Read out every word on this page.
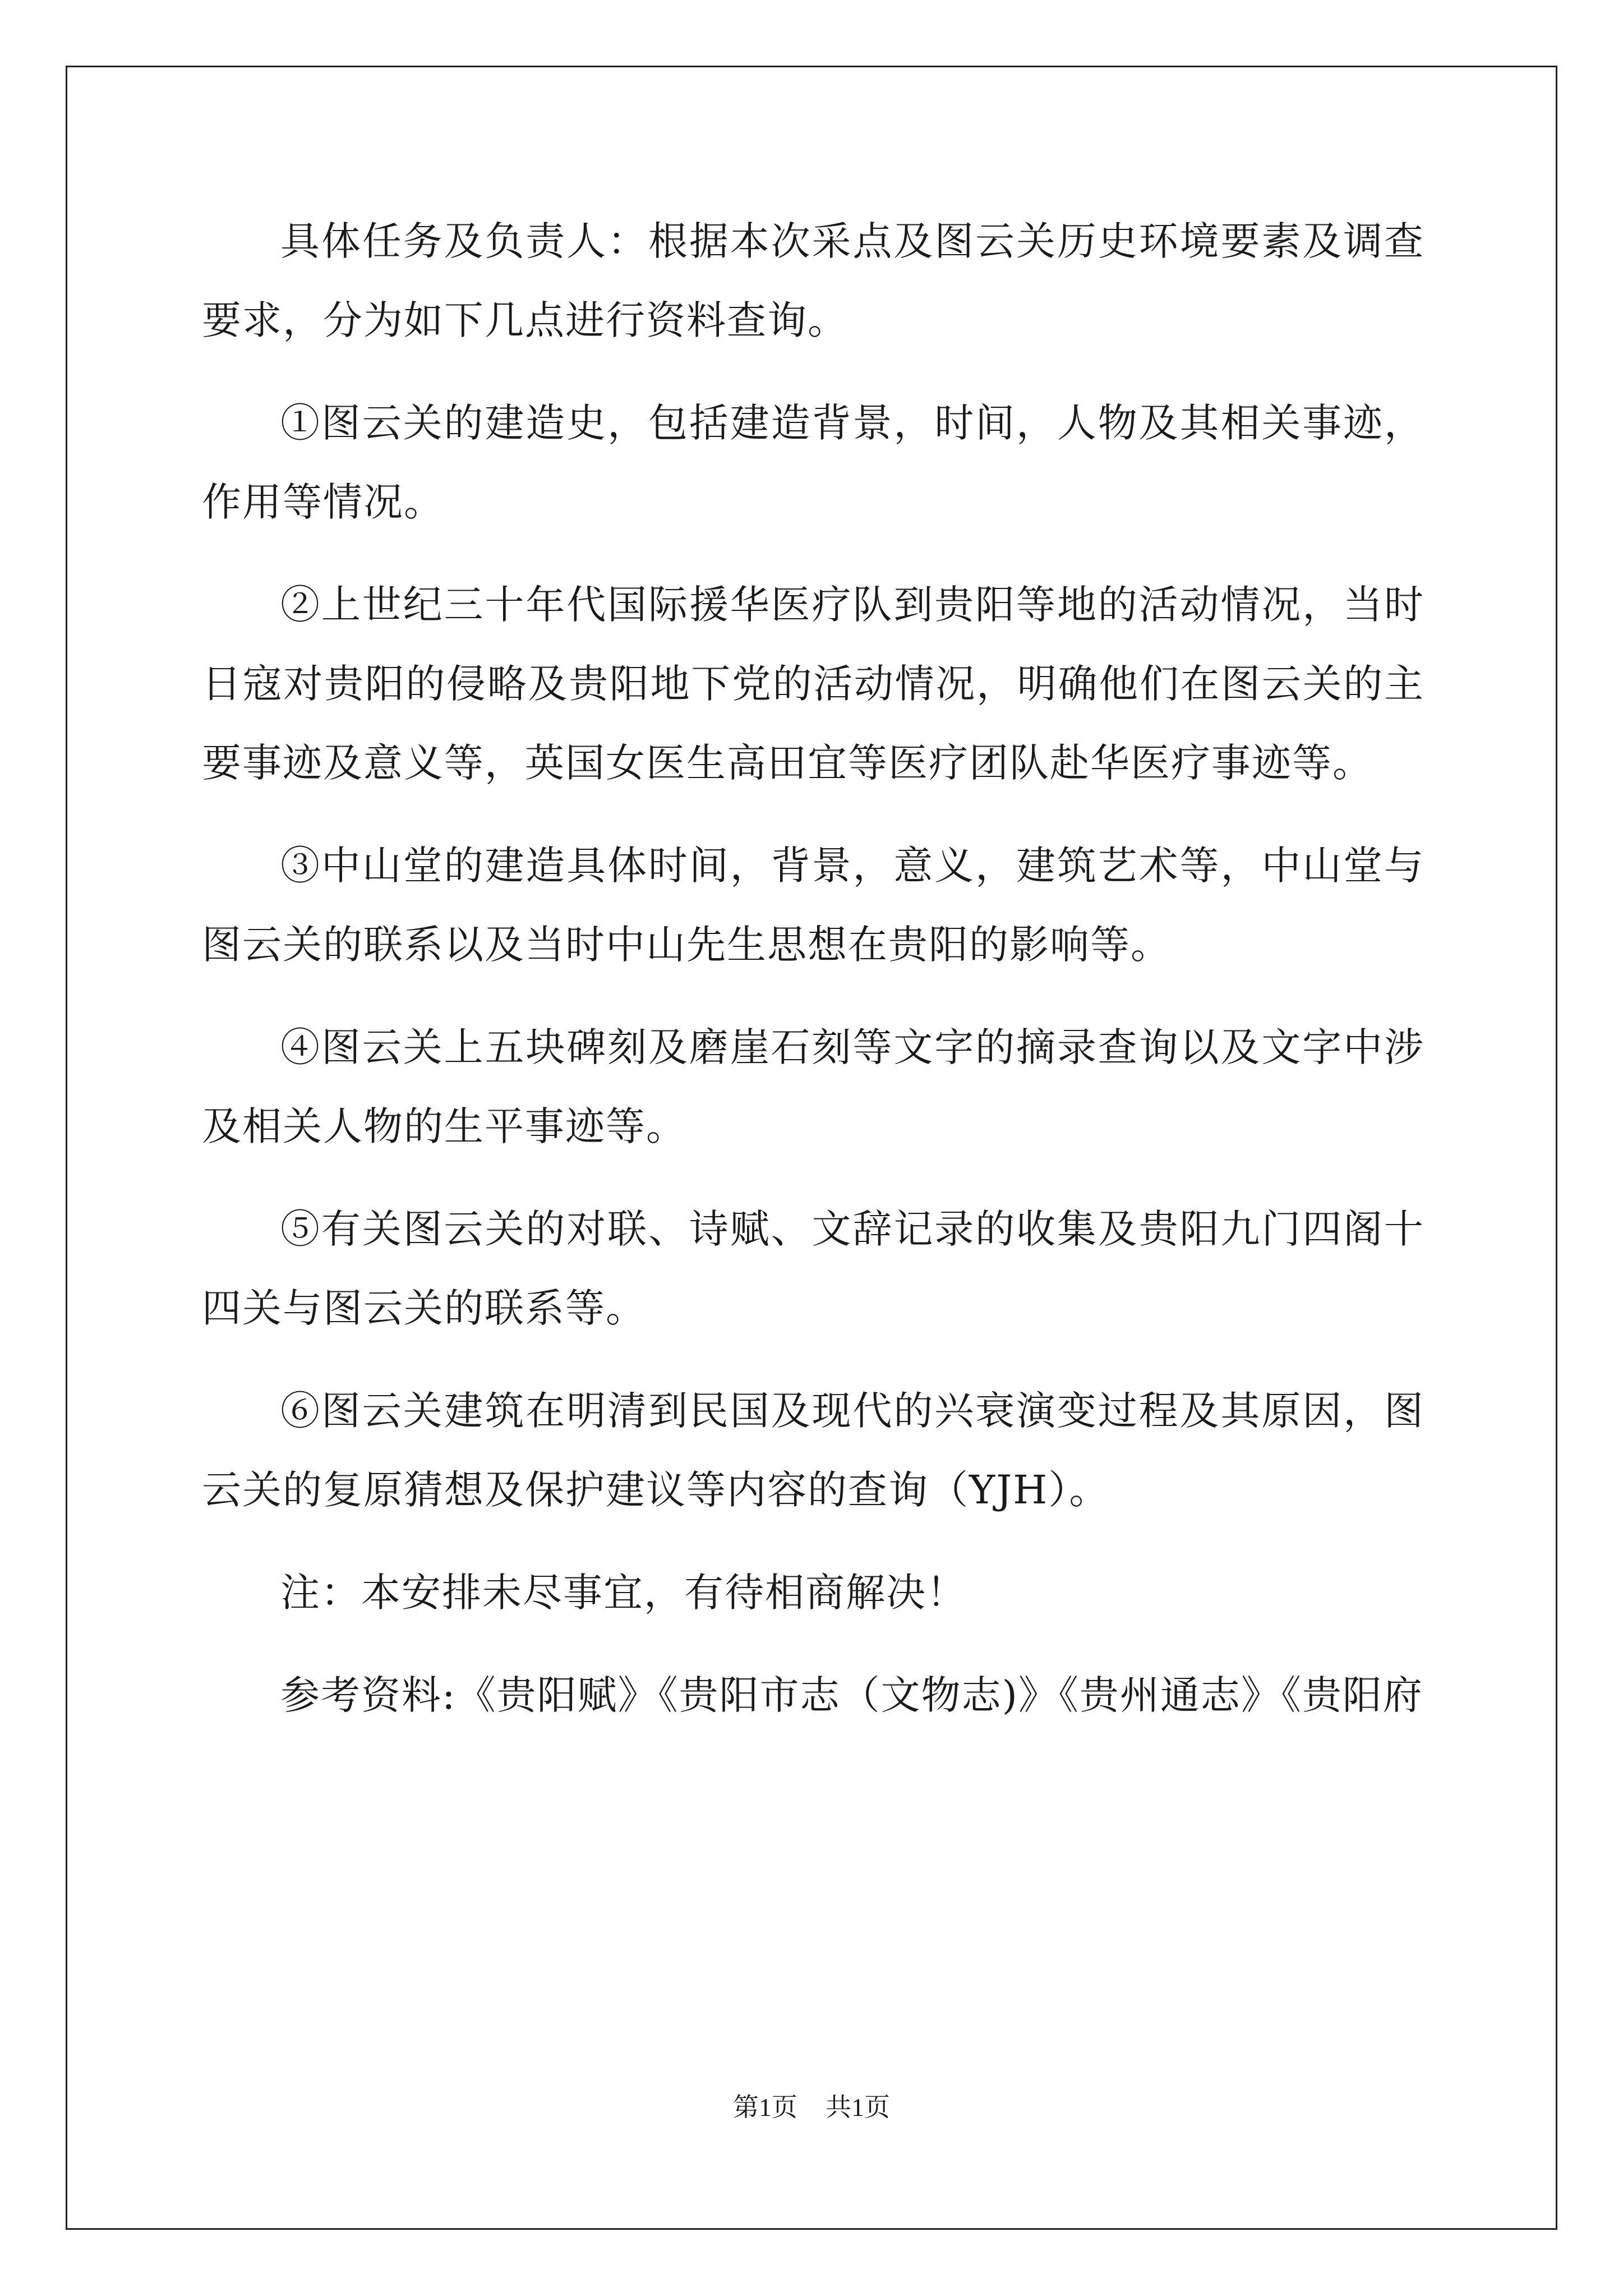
具体任务及负责人：根据本次采点及图云关历史环境要素及调查要求，分为如下几点进行资料查询。

①图云关的建造史，包括建造背景，时间，人物及其相关事迹，作用等情况。

②上世纪三十年代国际援华医疗队到贵阳等地的活动情况，当时日寇对贵阳的侵略及贵阳地下党的活动情况，明确他们在图云关的主要事迹及意义等，英国女医生高田宜等医疗团队赴华医疗事迹等。

③中山堂的建造具体时间，背景，意义，建筑艺术等，中山堂与图云关的联系以及当时中山先生思想在贵阳的影响等。

④图云关上五块碑刻及磨崖石刻等文字的摘录查询以及文字中涉及相关人物的生平事迹等。

⑤有关图云关的对联、诗赋、文辞记录的收集及贵阳九门四阁十四关与图云关的联系等。

⑥图云关建筑在明清到民国及现代的兴衰演变过程及其原因，图云关的复原猜想及保护建议等内容的查询（YJH）。

注：本安排未尽事宜，有待相商解决！

参考资料:《贵阳赋》《贵阳市志（文物志)》《贵州通志》《贵阳府

第1页 共1页
